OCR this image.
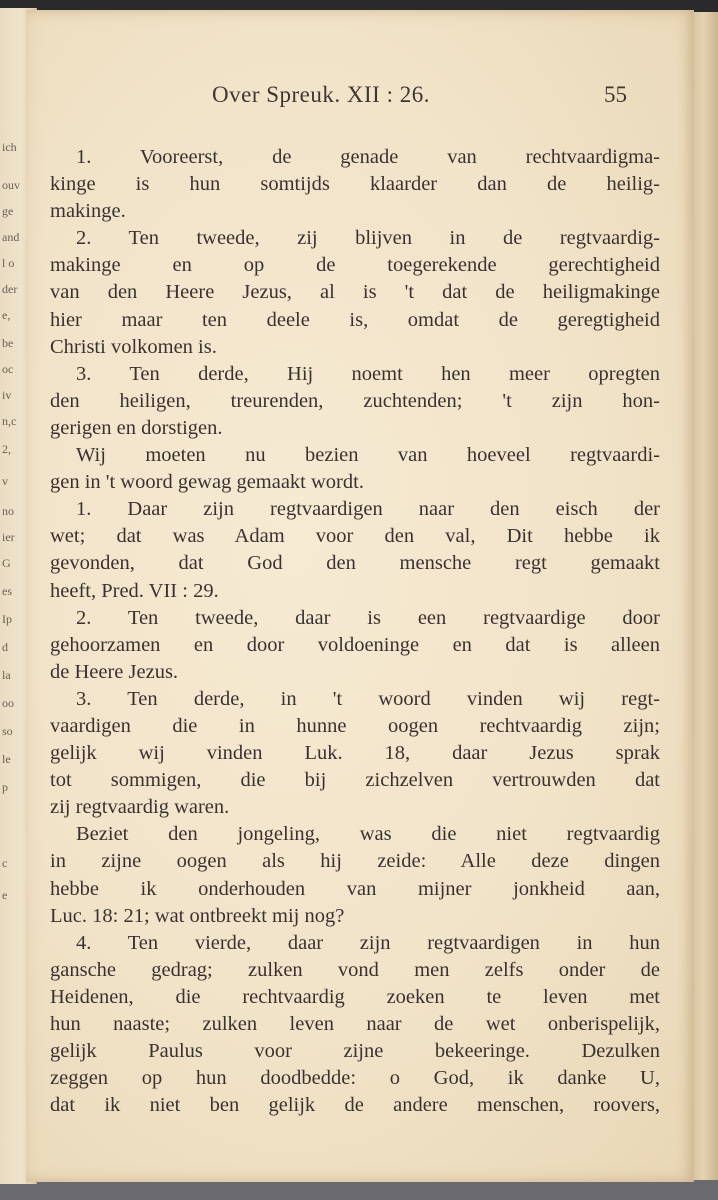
ich
ouv
ge
and
l o
der
e,
be
oc
iv
n,c
2,
v
no
ier
G
es
Ip
d
la
oo
so
le
p
c
e
Over Spreuk. XII : 26.	55
1. Vooreerst, de genade van rechtvaardigma-
kinge is hun somtijds klaarder dan de heilig-
makinge.
2. Ten tweede, zij blijven in de regtvaardig-
makinge en op de toegerekende gerechtigheid
van den Heere Jezus, al is 't dat de heiligmakinge
hier maar ten deele is, omdat de geregtigheid
Christi volkomen is.
3. Ten derde, Hij noemt hen meer opregten
den heiligen, treurenden, zuchtenden; 't zijn hon-
gerigen en dorstigen.
Wij moeten nu bezien van hoeveel regtvaardi-
gen in 't woord gewag gemaakt wordt.
1. Daar zijn regtvaardigen naar den eisch der
wet; dat was Adam voor den val, Dit hebbe ik
gevonden, dat God den mensche regt gemaakt
heeft, Pred. VII : 29.
2. Ten tweede, daar is een regtvaardige door
gehoorzamen en door voldoeninge en dat is alleen
de Heere Jezus.
3. Ten derde, in 't woord vinden wij regt-
vaardigen die in hunne oogen rechtvaardig zijn;
gelijk wij vinden Luk. 18, daar Jezus sprak
tot sommigen, die bij zichzelven vertrouwden dat
zij regtvaardig waren.
Beziet den jongeling, was die niet regtvaardig
in zijne oogen als hij zeide: Alle deze dingen
hebbe ik onderhouden van mijner jonkheid aan,
Luc. 18: 21; wat ontbreekt mij nog?
4. Ten vierde, daar zijn regtvaardigen in hun
gansche gedrag; zulken vond men zelfs onder de
Heidenen, die rechtvaardig zoeken te leven met
hun naaste; zulken leven naar de wet onberispelijk,
gelijk Paulus voor zijne bekeeringe. Dezulken
zeggen op hun doodbedde: o God, ik danke U,
dat ik niet ben gelijk de andere menschen, roovers,
